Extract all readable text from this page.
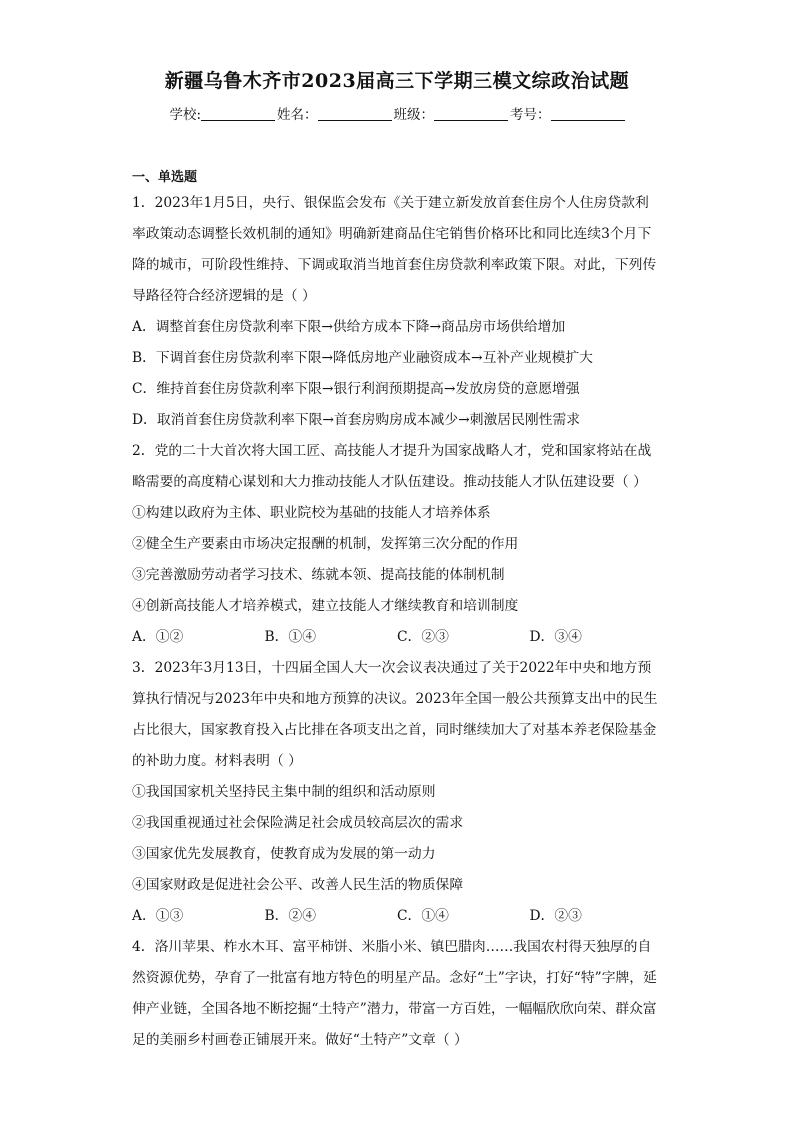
新疆乌鲁木齐市2023届高三下学期三模文综政治试题
学校:	姓名：	班级：	考号：
一、单选题

1．2023年1月5日，央行、银保监会发布《关于建立新发放首套住房个人住房贷款利率政策动态调整长效机制的通知》明确新建商品住宅销售价格环比和同比连续3个月下降的城市，可阶段性维持、下调或取消当地首套住房贷款利率政策下限。对此，下列传导路径符合经济逻辑的是（ ）

A．调整首套住房贷款利率下限→供给方成本下降→商品房市场供给增加

B．下调首套住房贷款利率下限→降低房地产业融资成本→互补产业规模扩大

C．维持首套住房贷款利率下限→银行利润预期提高→发放房贷的意愿增强

D．取消首套住房贷款利率下限→首套房购房成本减少→刺激居民刚性需求

2．党的二十大首次将大国工匠、高技能人才提升为国家战略人才，党和国家将站在战略需要的高度精心谋划和大力推动技能人才队伍建设。推动技能人才队伍建设要（ ）

①构建以政府为主体、职业院校为基础的技能人才培养体系

②健全生产要素由市场决定报酬的机制，发挥第三次分配的作用

③完善激励劳动者学习技术、练就本领、提高技能的体制机制

④创新高技能人才培养模式，建立技能人才继续教育和培训制度

A．①②	B．①④	C．②③	D．③④

3．2023年3月13日，十四届全国人大一次会议表决通过了关于2022年中央和地方预算执行情况与2023年中央和地方预算的决议。2023年全国一般公共预算支出中的民生占比很大，国家教育投入占比排在各项支出之首，同时继续加大了对基本养老保险基金的补助力度。材料表明（ ）

①我国国家机关坚持民主集中制的组织和活动原则

②我国重视通过社会保险满足社会成员较高层次的需求

③国家优先发展教育，使教育成为发展的第一动力

④国家财政是促进社会公平、改善人民生活的物质保障

A．①③	B．②④	C．①④	D．②③

4．洛川苹果、柞水木耳、富平柿饼、米脂小米、镇巴腊肉……我国农村得天独厚的自然资源优势，孕育了一批富有地方特色的明星产品。念好“土”字诀，打好“特”字牌，延伸产业链，全国各地不断挖掘“土特产”潜力，带富一方百姓，一幅幅欣欣向荣、群众富足的美丽乡村画卷正铺展开来。做好“土特产”文章（ ）
